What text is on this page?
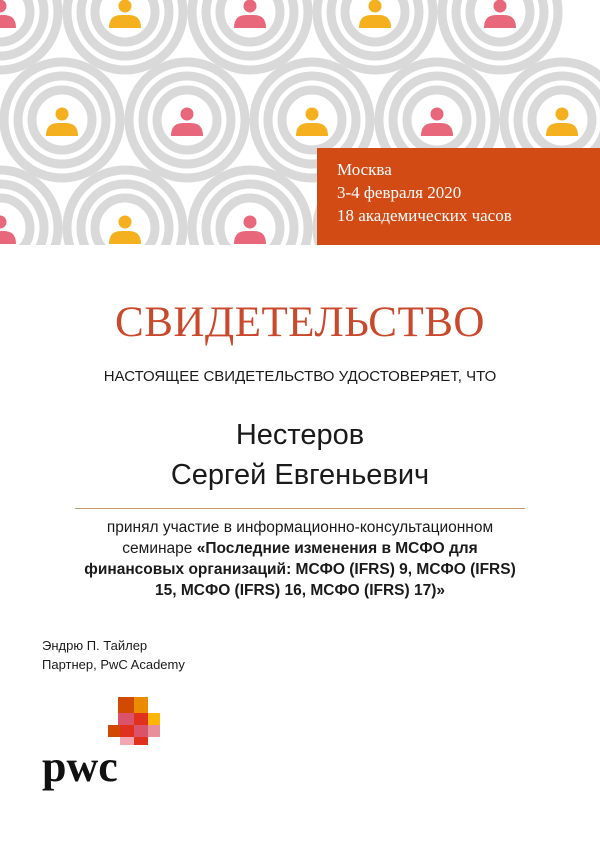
Москва
3-4 февраля 2020
18 академических часов
СВИДЕТЕЛЬСТВО
НАСТОЯЩЕЕ СВИДЕТЕЛЬСТВО УДОСТОВЕРЯЕТ, ЧТО
Нестеров
Сергей Евгеньевич
принял участие в информационно-консультационном семинаре «Последние изменения в МСФО для финансовых организаций: МСФО (IFRS) 9, МСФО (IFRS) 15, МСФО (IFRS) 16, МСФО (IFRS) 17)»
Эндрю П. Тайлер
Партнер, PwC Academy
pwc
